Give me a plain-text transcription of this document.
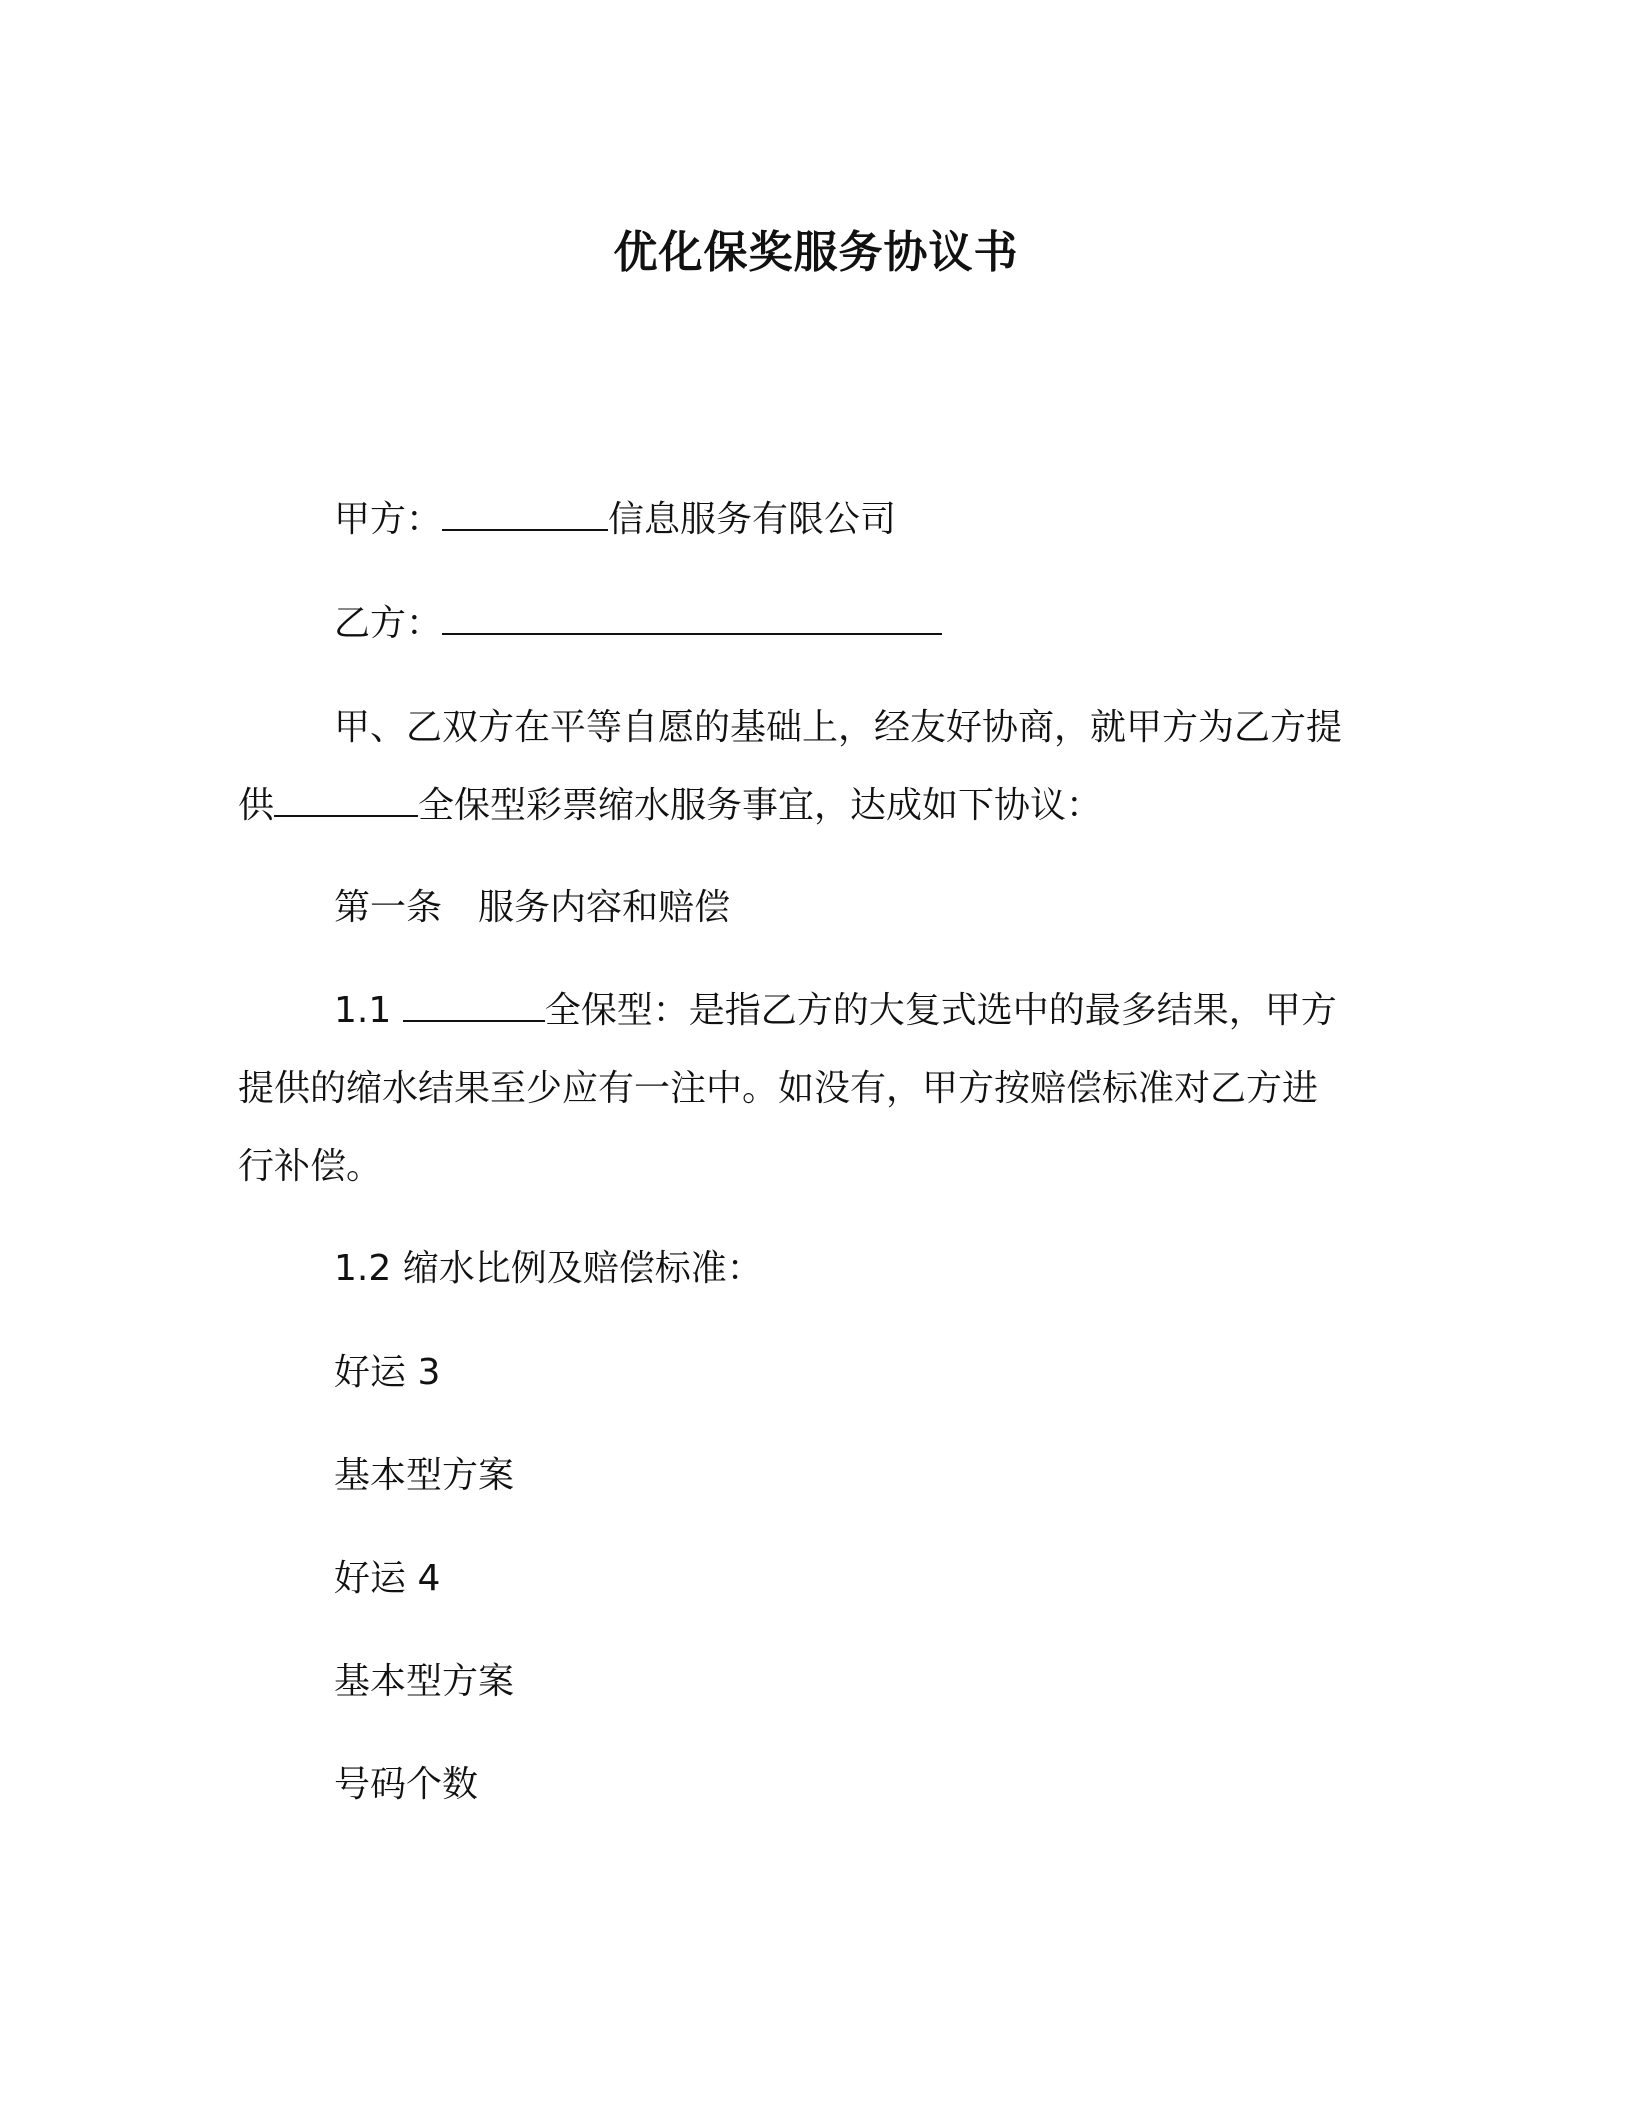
优化保奖服务协议书
甲方：	信息服务有限公司
乙方：
甲、乙双方在平等自愿的基础上，经友好协商，就甲方为乙方提
供	全保型彩票缩水服务事宜，达成如下协议：
第一条　服务内容和赔偿
1.1	全保型：是指乙方的大复式选中的最多结果，甲方
提供的缩水结果至少应有一注中。如没有，甲方按赔偿标准对乙方进
行补偿。
1.2 缩水比例及赔偿标准：
好运 3
基本型方案
好运 4
基本型方案
号码个数
